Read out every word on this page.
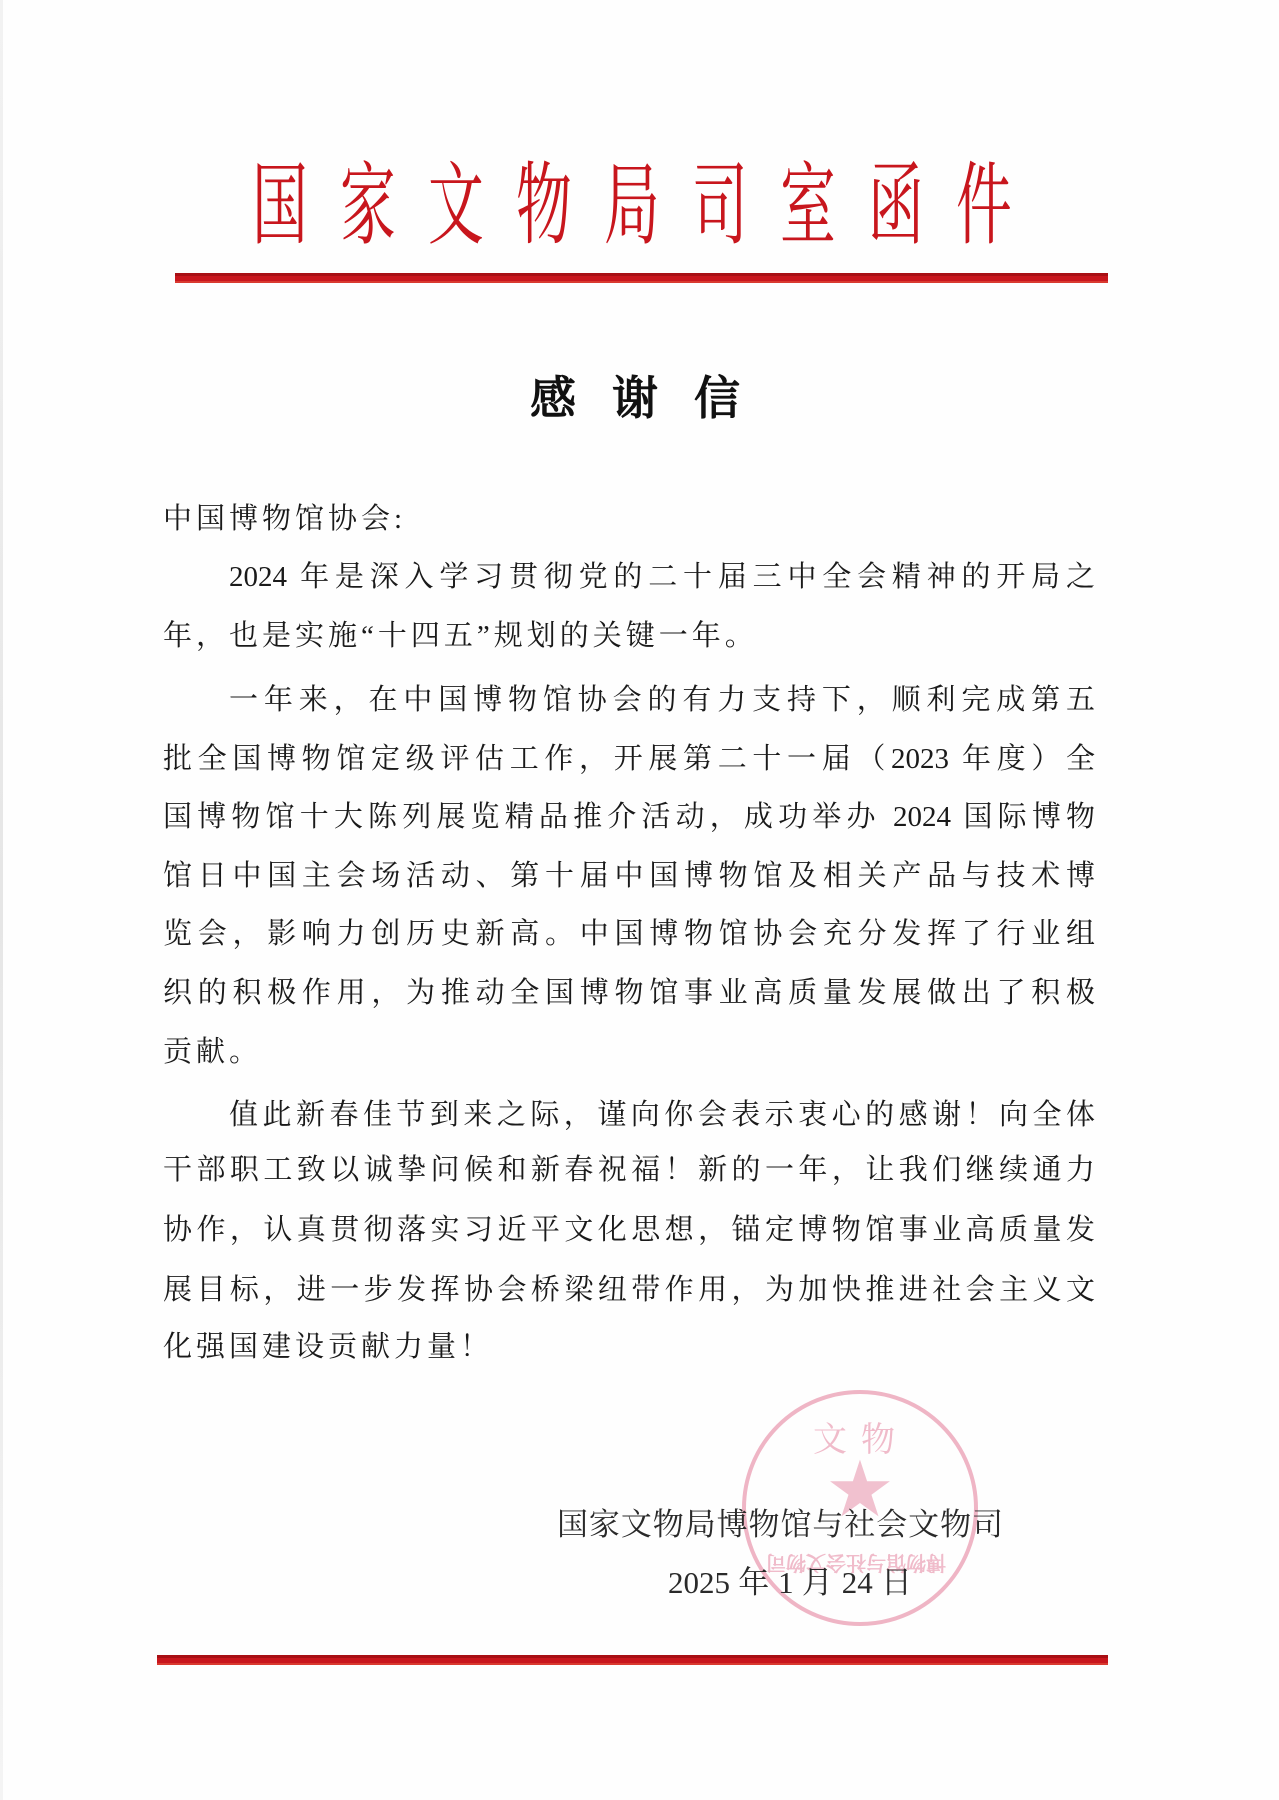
国 家 文 物 局 司 室 函 件
感 谢 信
中国博物馆协会:
2024 年是深入学习贯彻党的二十届三中全会精神的开局之
年，也是实施“十四五”规划的关键一年。
一年来，在中国博物馆协会的有力支持下，顺利完成第五
批全国博物馆定级评估工作，开展第二十一届（2023 年度）全
国博物馆十大陈列展览精品推介活动，成功举办 2024 国际博物
馆日中国主会场活动、第十届中国博物馆及相关产品与技术博
览会，影响力创历史新高。中国博物馆协会充分发挥了行业组
织的积极作用，为推动全国博物馆事业高质量发展做出了积极
贡献。
值此新春佳节到来之际，谨向你会表示衷心的感谢！向全体
干部职工致以诚挚问候和新春祝福！新的一年，让我们继续通力
协作，认真贯彻落实习近平文化思想，锚定博物馆事业高质量发
展目标，进一步发挥协会桥梁纽带作用，为加快推进社会主义文
化强国建设贡献力量！
文物
★
博物馆与社会文物司
国家文物局博物馆与社会文物司
2025 年 1 月 24 日
